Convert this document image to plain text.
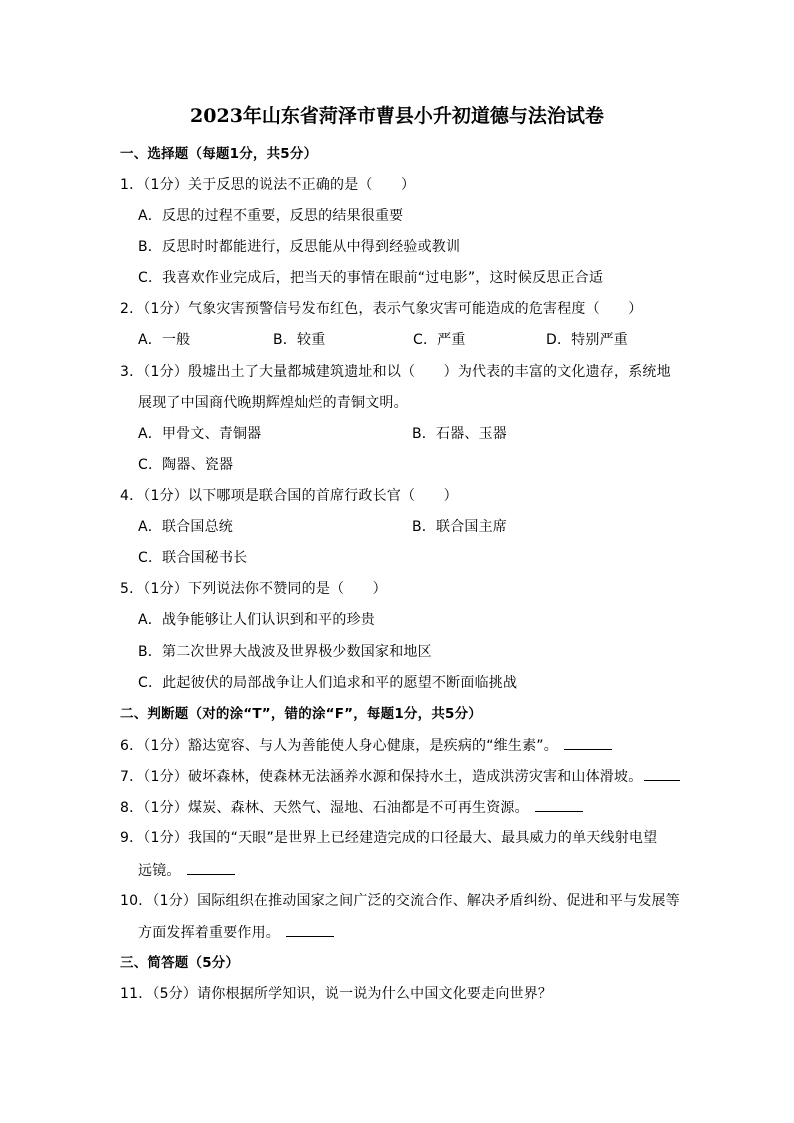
2023年山东省菏泽市曹县小升初道德与法治试卷
一、选择题（每题1分，共5分）
1．（1分）关于反思的说法不正确的是（　　）
A．反思的过程不重要，反思的结果很重要
B．反思时时都能进行，反思能从中得到经验或教训
C．我喜欢作业完成后，把当天的事情在眼前“过电影”，这时候反思正合适
2．（1分）气象灾害预警信号发布红色，表示气象灾害可能造成的危害程度（　　）
A．一般	B．较重	C．严重	D．特别严重
3．（1分）殷墟出土了大量都城建筑遗址和以（　　）为代表的丰富的文化遗存，系统地
展现了中国商代晚期辉煌灿烂的青铜文明。
A．甲骨文、青铜器	B．石器、玉器
C．陶器、瓷器
4．（1分）以下哪项是联合国的首席行政长官（　　）
A．联合国总统	B．联合国主席
C．联合国秘书长
5．（1分）下列说法你不赞同的是（　　）
A．战争能够让人们认识到和平的珍贵
B．第二次世界大战波及世界极少数国家和地区
C．此起彼伏的局部战争让人们追求和平的愿望不断面临挑战
二、判断题（对的涂“T”，错的涂“F”，每题1分，共5分）
6．（1分）豁达宽容、与人为善能使人身心健康，是疾病的“维生素”。
7．（1分）破坏森林，使森林无法涵养水源和保持水土，造成洪涝灾害和山体滑坡。
8．（1分）煤炭、森林、天然气、湿地、石油都是不可再生资源。
9．（1分）我国的“天眼”是世界上已经建造完成的口径最大、最具威力的单天线射电望
远镜。
10．（1分）国际组织在推动国家之间广泛的交流合作、解决矛盾纠纷、促进和平与发展等
方面发挥着重要作用。
三、简答题（5分）
11．（5分）请你根据所学知识，说一说为什么中国文化要走向世界？
